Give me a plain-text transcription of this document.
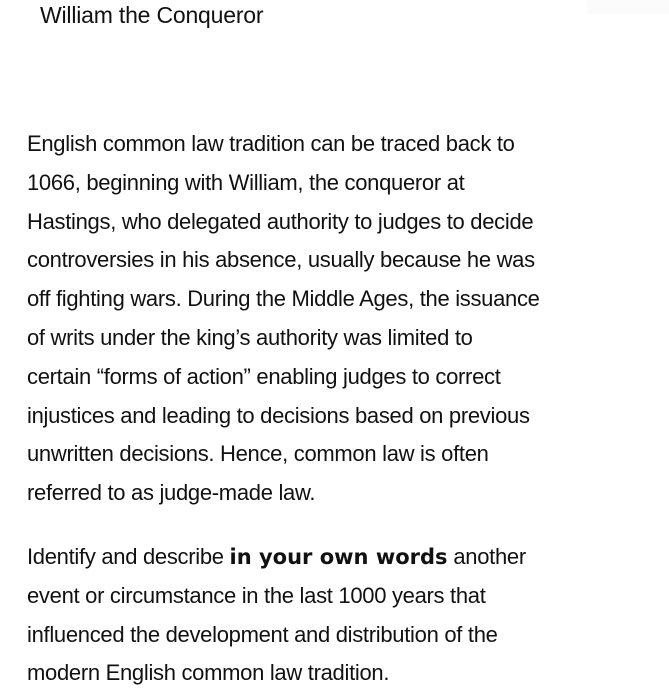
William the Conqueror

English common law tradition can be traced back to
1066, beginning with William, the conqueror at
Hastings, who delegated authority to judges to decide
controversies in his absence, usually because he was
off fighting wars. During the Middle Ages, the issuance
of writs under the king’s authority was limited to
certain “forms of action” enabling judges to correct
injustices and leading to decisions based on previous
unwritten decisions. Hence, common law is often
referred to as judge-made law.

Identify and describe in your own words another
event or circumstance in the last 1000 years that
influenced the development and distribution of the
modern English common law tradition.
